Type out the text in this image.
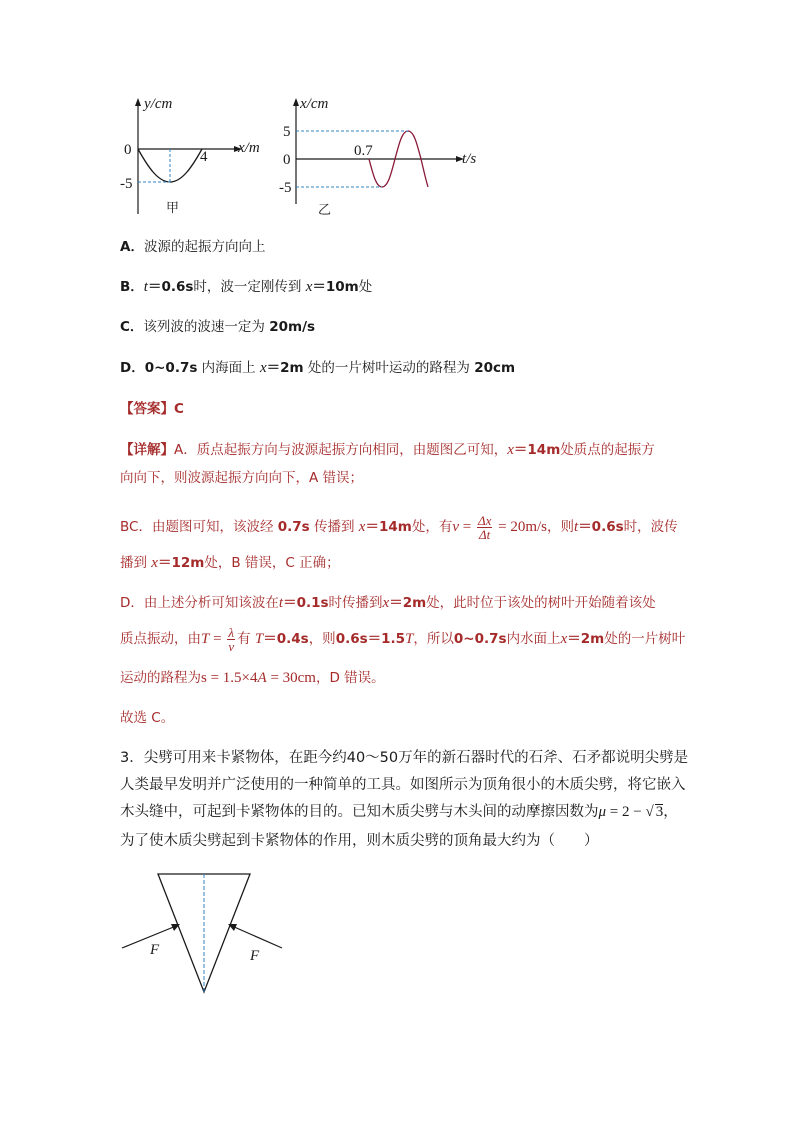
y/cm
x/m
0
-5
4
甲
x/cm
t/s
5
0
-5
0.7
乙
A．波源的起振方向向上
B．t＝0.6s时，波一定刚传到 x＝10m处
C．该列波的波速一定为 20m/s
D．0~0.7s 内海面上 x＝2m 处的一片树叶运动的路程为 20cm
【答案】C
【详解】A．质点起振方向与波源起振方向相同，由题图乙可知，x＝14m处质点的起振方
向向下，则波源起振方向向下，A 错误；
BC．由题图可知，该波经 0.7s 传播到 x＝14m处，有$v = \frac{\Delta x}{\Delta t} = 20m/s$，则t＝0.6s时，波传
播到 x＝12m处，B 错误，C 正确；
D．由上述分析可知该波在t＝0.1s时传播到x＝2m处，此时位于该处的树叶开始随着该处
质点振动，由$T = \frac{\lambda}{v}$ 有 T＝0.4s，则0.6s＝1.5T，所以0~0.7s内水面上x＝2m处的一片树叶
运动的路程为s = 1.5×4A = 30cm，D 错误。
故选 C。
3．尖劈可用来卡紧物体，在距今约40～50万年的新石器时代的石斧、石矛都说明尖劈是
人类最早发明并广泛使用的一种简单的工具。如图所示为顶角很小的木质尖劈，将它嵌入
木头缝中，可起到卡紧物体的目的。已知木质尖劈与木头间的动摩擦因数为μ = 2 − √ 3，
为了使木质尖劈起到卡紧物体的作用，则木质尖劈的顶角最大约为（　　）
F	F
